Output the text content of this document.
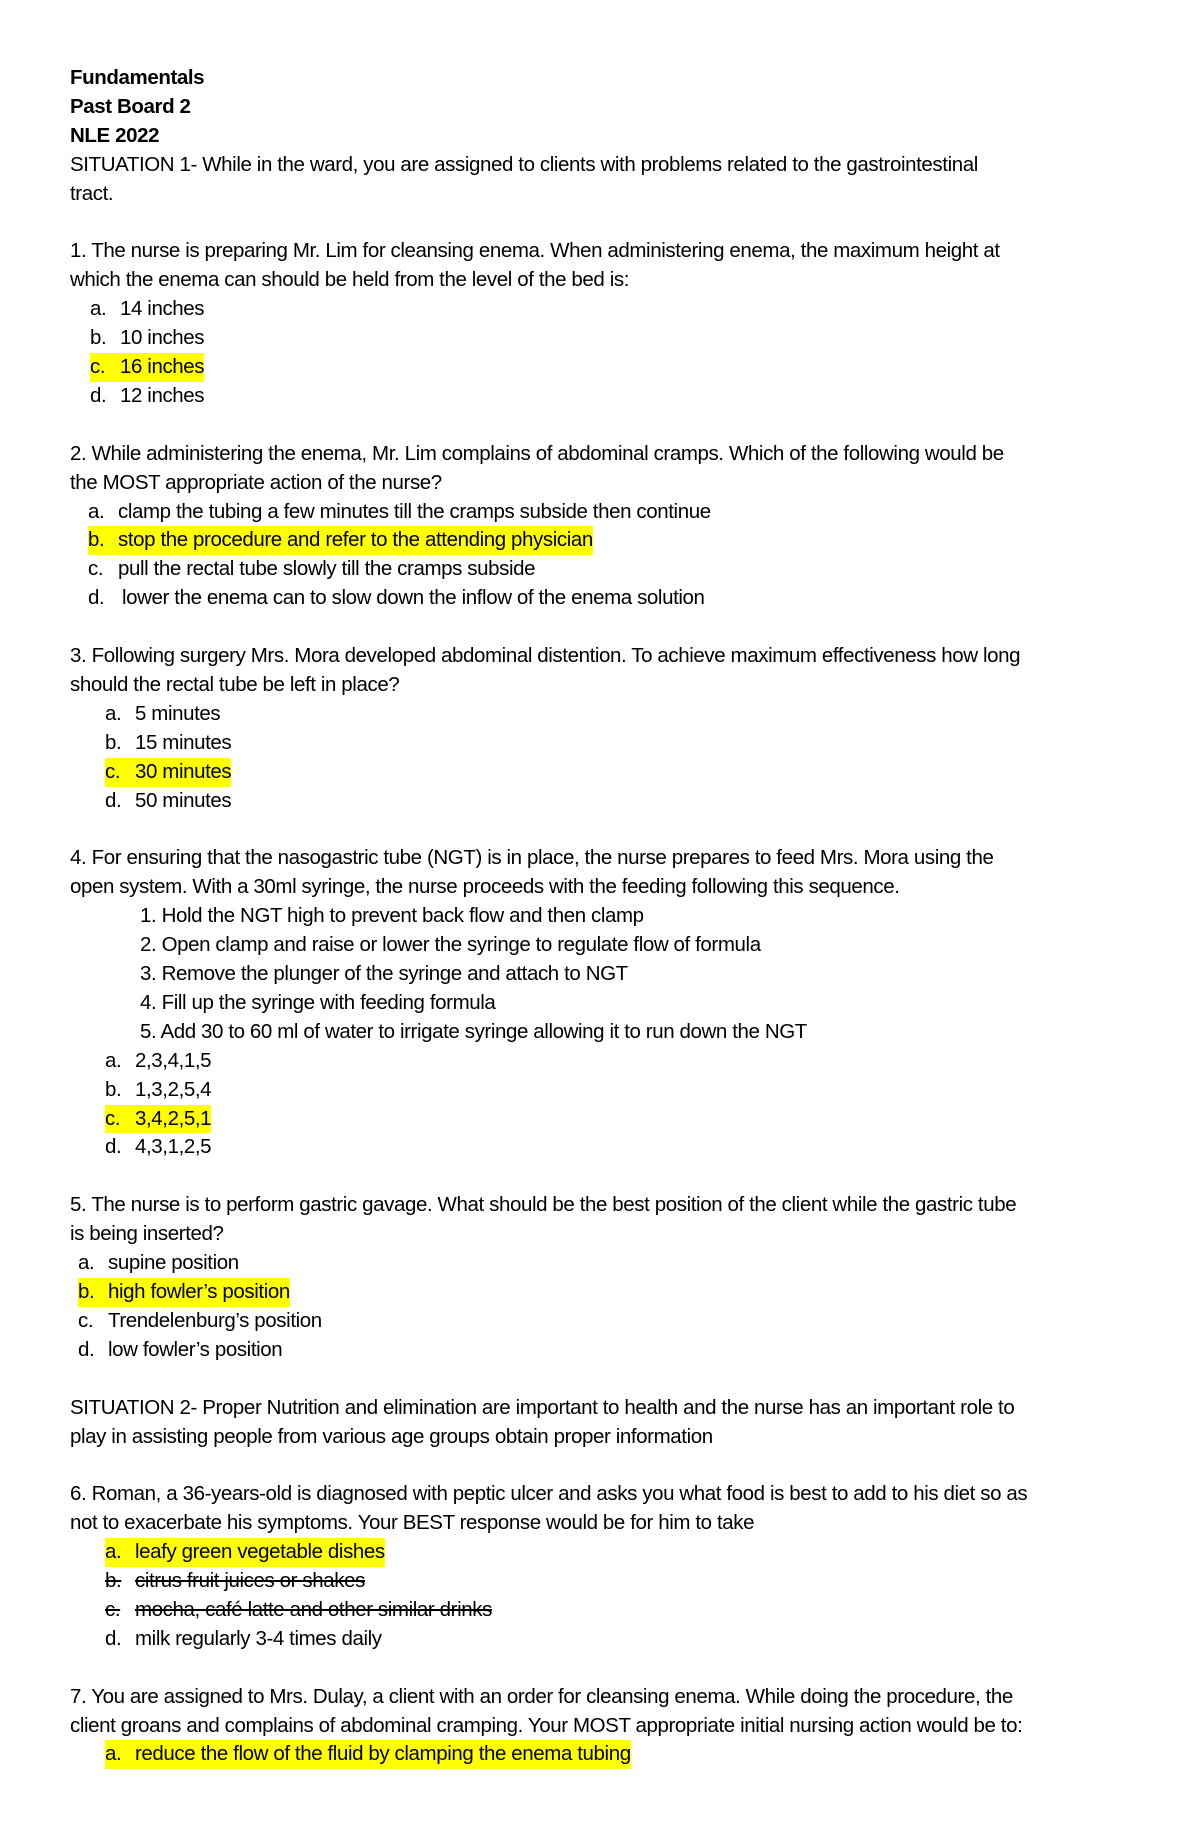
Fundamentals
Past Board 2
NLE 2022
SITUATION 1- While in the ward, you are assigned to clients with problems related to the gastrointestinal
tract.
1. The nurse is preparing Mr. Lim for cleansing enema. When administering enema, the maximum height at
which the enema can should be held from the level of the bed is:
a. 14 inches
b. 10 inches
c. 16 inches
d. 12 inches
2. While administering the enema, Mr. Lim complains of abdominal cramps. Which of the following would be
the MOST appropriate action of the nurse?
a. clamp the tubing a few minutes till the cramps subside then continue
b. stop the procedure and refer to the attending physician
c. pull the rectal tube slowly till the cramps subside
d. lower the enema can to slow down the inflow of the enema solution
3. Following surgery Mrs. Mora developed abdominal distention. To achieve maximum effectiveness how long
should the rectal tube be left in place?
a. 5 minutes
b. 15 minutes
c. 30 minutes
d. 50 minutes
4. For ensuring that the nasogastric tube (NGT) is in place, the nurse prepares to feed Mrs. Mora using the
open system. With a 30ml syringe, the nurse proceeds with the feeding following this sequence.
1. Hold the NGT high to prevent back flow and then clamp
2. Open clamp and raise or lower the syringe to regulate flow of formula
3. Remove the plunger of the syringe and attach to NGT
4. Fill up the syringe with feeding formula
5. Add 30 to 60 ml of water to irrigate syringe allowing it to run down the NGT
a. 2,3,4,1,5
b. 1,3,2,5,4
c. 3,4,2,5,1
d. 4,3,1,2,5
5. The nurse is to perform gastric gavage. What should be the best position of the client while the gastric tube
is being inserted?
a. supine position
b. high fowler’s position
c. Trendelenburg’s position
d. low fowler’s position
SITUATION 2- Proper Nutrition and elimination are important to health and the nurse has an important role to
play in assisting people from various age groups obtain proper information
6. Roman, a 36-years-old is diagnosed with peptic ulcer and asks you what food is best to add to his diet so as
not to exacerbate his symptoms. Your BEST response would be for him to take
a. leafy green vegetable dishes
b. citrus fruit juices or shakes
c. mocha, café latte and other similar drinks
d. milk regularly 3-4 times daily
7. You are assigned to Mrs. Dulay, a client with an order for cleansing enema. While doing the procedure, the
client groans and complains of abdominal cramping. Your MOST appropriate initial nursing action would be to:
a. reduce the flow of the fluid by clamping the enema tubing
